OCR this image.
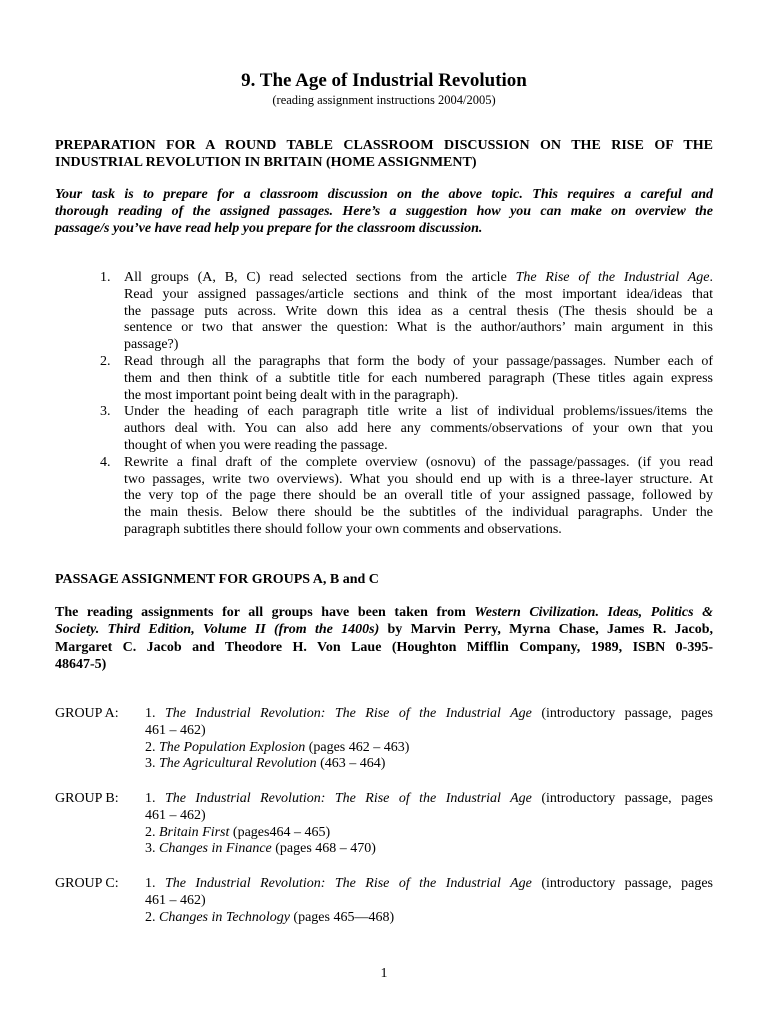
9. The Age of Industrial Revolution
(reading assignment instructions 2004/2005)
PREPARATION FOR A ROUND TABLE CLASSROOM DISCUSSION ON THE RISE OF THE
INDUSTRIAL REVOLUTION IN BRITAIN (HOME ASSIGNMENT)
Your task is to prepare for a classroom discussion on the above topic. This requires a careful and
thorough reading of the assigned passages. Here’s a suggestion how you can make on overview the
passage/s you’ve have read help you prepare for the classroom discussion.
1. All groups (A, B, C) read selected sections from the article The Rise of the Industrial Age.
Read your assigned passages/article sections and think of the most important idea/ideas that
the passage puts across. Write down this idea as a central thesis (The thesis should be a
sentence or two that answer the question: What is the author/authors’ main argument in this
passage?)
2. Read through all the paragraphs that form the body of your passage/passages. Number each of
them and then think of a subtitle title for each numbered paragraph (These titles again express
the most important point being dealt with in the paragraph).
3. Under the heading of each paragraph title write a list of individual problems/issues/items the
authors deal with. You can also add here any comments/observations of your own that you
thought of when you were reading the passage.
4. Rewrite a final draft of the complete overview (osnovu) of the passage/passages. (if you read
two passages, write two overviews). What you should end up with is a three-layer structure. At
the very top of the page there should be an overall title of your assigned passage, followed by
the main thesis. Below there should be the subtitles of the individual paragraphs. Under the
paragraph subtitles there should follow your own comments and observations.
PASSAGE ASSIGNMENT FOR GROUPS A, B and C
The reading assignments for all groups have been taken from Western Civilization. Ideas, Politics &
Society. Third Edition, Volume II (from the 1400s) by Marvin Perry, Myrna Chase, James R. Jacob,
Margaret C. Jacob and Theodore H. Von Laue (Houghton Mifflin Company, 1989, ISBN 0-395-
48647-5)
GROUP A:	1. The Industrial Revolution: The Rise of the Industrial Age (introductory passage, pages
461 – 462)
2. The Population Explosion (pages 462 – 463)
3. The Agricultural Revolution (463 – 464)
GROUP B:	1. The Industrial Revolution: The Rise of the Industrial Age (introductory passage, pages
461 – 462)
2. Britain First (pages464 – 465)
3. Changes in Finance (pages 468 – 470)
GROUP C:	1. The Industrial Revolution: The Rise of the Industrial Age (introductory passage, pages
461 – 462)
2. Changes in Technology (pages 465—468)
1
